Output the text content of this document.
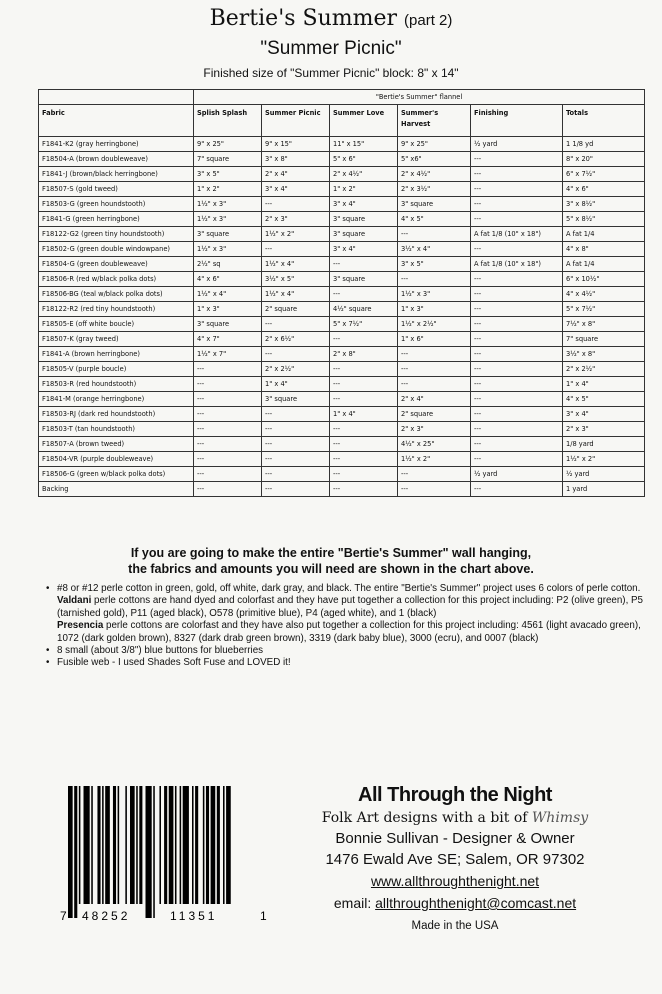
Bertie's Summer (part 2)
"Summer Picnic"
Finished size of "Summer Picnic" block: 8" x 14"
	"Bertie's Summer" flannel					
Fabric	Splish Splash	Summer Picnic	Summer Love	Summer's Harvest	Finishing	Totals
F1841-K2 (gray herringbone)	9" x 25"	9" x 15"	11" x 15"	9" x 25"	½ yard	1 1/8 yd
F18504-A (brown doubleweave)	7" square	3" x 8"	5" x 6"	5" x6"	---	8" x 20"
F1841-J (brown/black herringbone)	3" x 5"	2" x 4"	2" x 4½"	2" x 4½"	---	6" x 7½"
F18507-S (gold tweed)	1" x 2"	3" x 4"	1" x 2"	2" x 3½"	---	4" x 6"
F18503-G (green houndstooth)	1½" x 3"	---	3" x 4"	3" square	---	3" x 8½"
F1841-G (green herringbone)	1½" x 3"	2" x 3"	3" square	4" x 5"	---	5" x 8½"
F18122-G2 (green tiny houndstooth)	3" square	1½" x 2"	3" square	---	A fat 1/8 (10" x 18")	A fat 1/4
F18502-G (green double windowpane)	1½" x 3"	---	3" x 4"	3½" x 4"	---	4" x 8"
F18504-G (green doubleweave)	2½" sq	1½" x 4"	---	3" x 5"	A fat 1/8 (10" x 18")	A fat 1/4
F18506-R (red w/black polka dots)	4" x 6"	3½" x 5"	3" square	---	---	6" x 10½"
F18506-BG (teal w/black polka dots)	1½" x 4"	1½" x 4"	---	1½" x 3"	---	4" x 4½"
F18122-R2 (red tiny houndstooth)	1" x 3"	2" square	4½" square	1" x 3"	---	5" x 7½"
F18505-E (off white boucle)	3" square	---	5" x 7½"	1½" x 2½"	---	7½" x 8"
F18507-K (gray tweed)	4" x 7"	2" x 6½"	---	1" x 6"	---	7" square
F1841-A (brown herringbone)	1½" x 7"	---	2" x 8"	---	---	3½" x 8"
F18505-V (purple boucle)	---	2" x 2½"	---	---	---	2" x 2½"
F18503-R (red houndstooth)	---	1" x 4"	---	---	---	1" x 4"
F1841-M (orange herringbone)	---	3" square	---	2" x 4"	---	4" x 5"
F18503-RJ (dark red houndstooth)	---	---	1" x 4"	2" square	---	3" x 4"
F18503-T (tan houndstooth)	---	---	---	2" x 3"	---	2" x 3"
F18507-A (brown tweed)	---	---	---	4½" x 25"	---	1/8 yard
F18504-VR (purple doubleweave)	---	---	---	1½" x 2"	---	1½" x 2"
F18506-G (green w/black polka dots)	---	---	---	---	½ yard	½ yard
Backing	---	---	---	---	---	1 yard
If you are going to make the entire "Bertie's Summer" wall hanging,
the fabrics and amounts you will need are shown in the chart above.
• #8 or #12 perle cotton in green, gold, off white, dark gray, and black. The entire "Bertie's Summer" project uses 6 colors of perle cotton.
Valdani perle cottons are hand dyed and colorfast and they have put together a collection for this project including: P2 (olive green), P5 (tarnished gold), P11 (aged black), O578 (primitive blue), P4 (aged white), and 1 (black)
Presencia perle cottons are colorfast and they have also put together a collection for this project including: 4561 (light avacado green), 1072 (dark golden brown), 8327 (dark drab green brown), 3319 (dark baby blue), 3000 (ecru), and 0007 (black)
• 8 small (about 3/8") blue buttons for blueberries
• Fusible web - I used Shades Soft Fuse and LOVED it!
7 48252	11351	1
All Through the Night
Folk Art designs with a bit of Whimsy
Bonnie Sullivan - Designer & Owner
1476 Ewald Ave SE; Salem, OR 97302
www.allthroughthenight.net
email: allthroughthenight@comcast.net
Made in the USA
